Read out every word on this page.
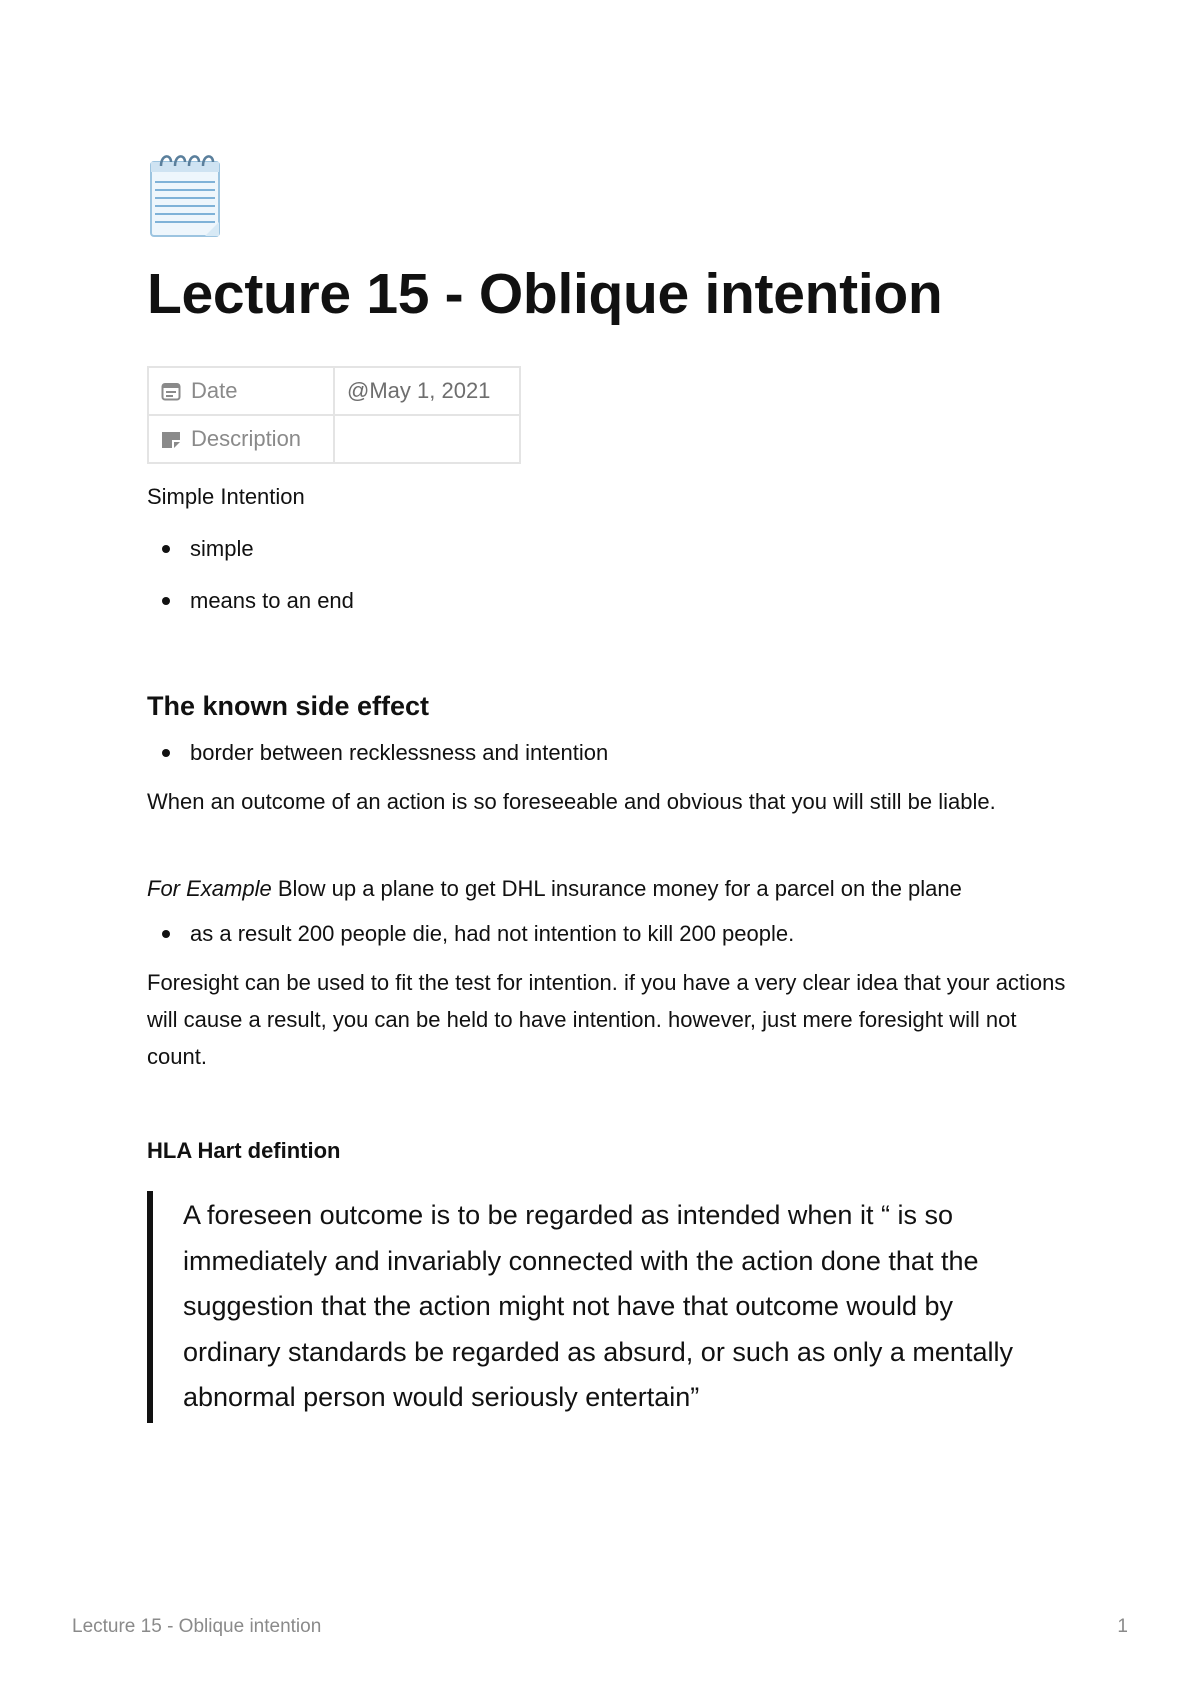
Lecture 15 - Oblique intention
Date	@May 1, 2021
Description	

Simple Intention

simple
means to an end
The known side effect
border between recklessness and intention

When an outcome of an action is so foreseeable and obvious that you will still be liable.

For Example Blow up a plane to get DHL insurance money for a parcel on the plane

as a result 200 people die, had not intention to kill 200 people.

Foresight can be used to fit the test for intention. if you have a very clear idea that your actions will cause a result, you can be held to have intention. however, just mere foresight will not count.

HLA Hart defintion
A foreseen outcome is to be regarded as intended when it “ is so immediately and invariably connected with the action done that the suggestion that the action might not have that outcome would by ordinary standards be regarded as absurd, or such as only a mentally abnormal person would seriously entertain”
Lecture 15 - Oblique intention	1
